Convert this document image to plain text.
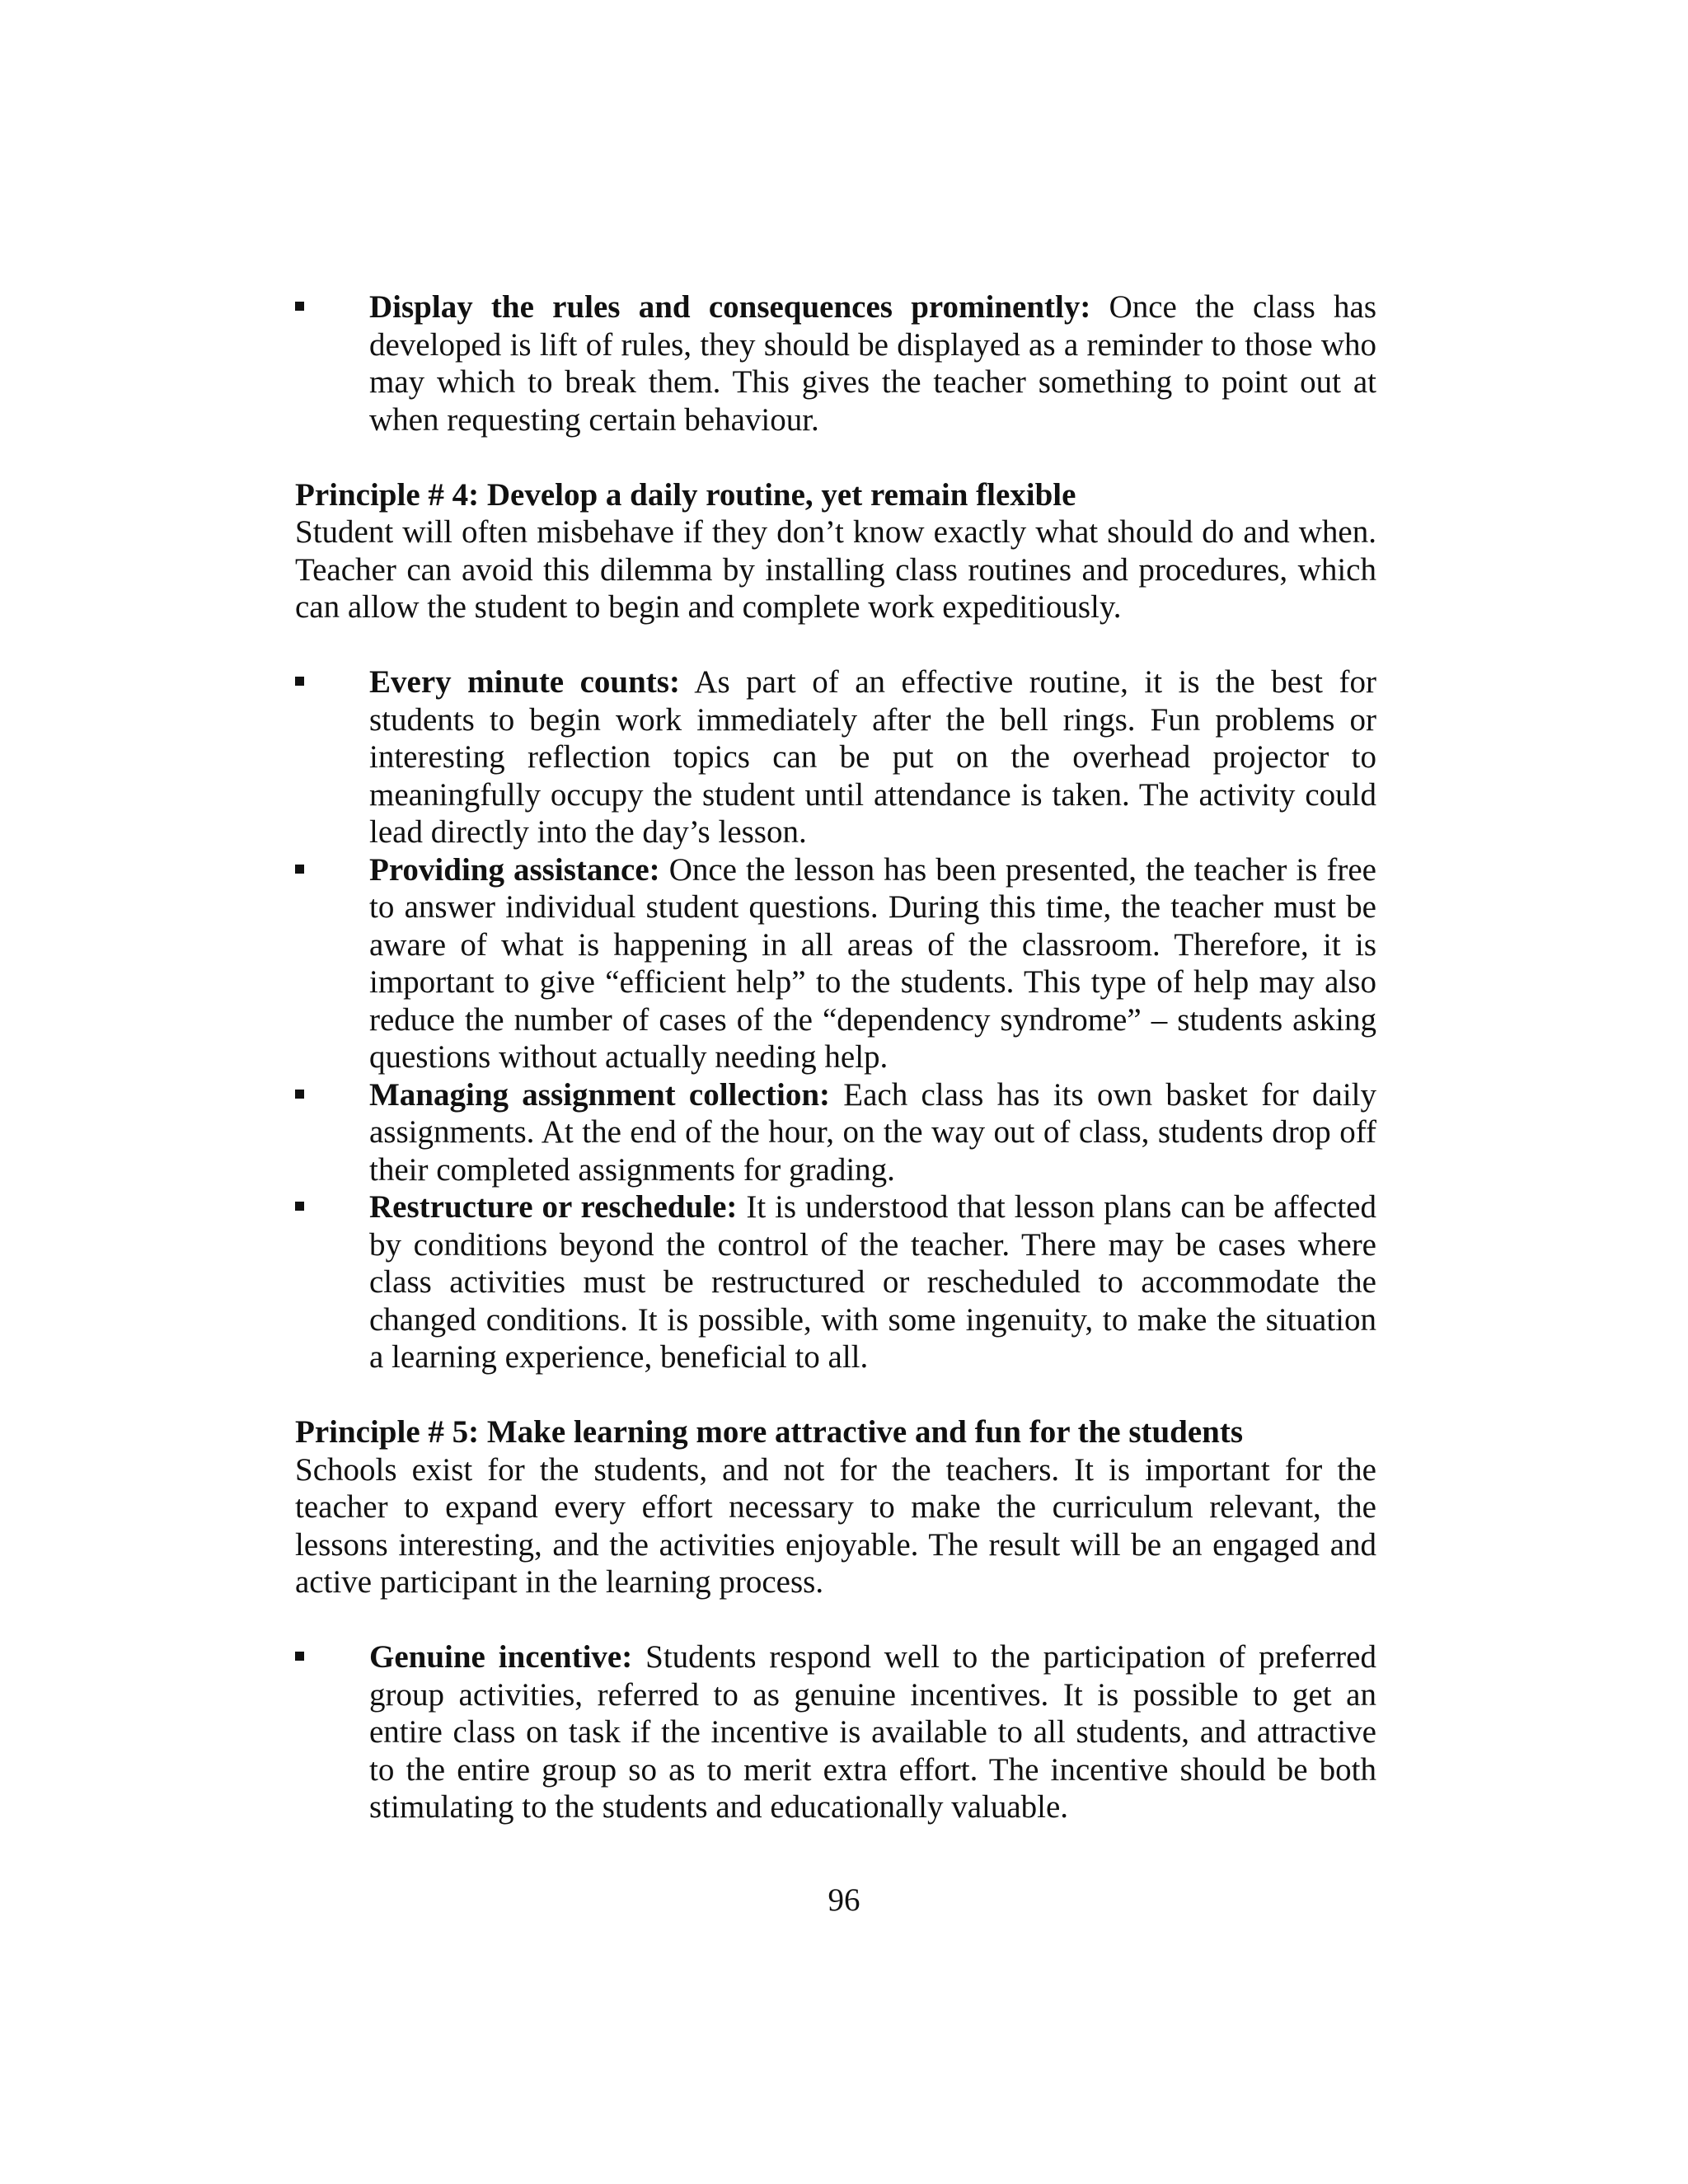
Display the rules and consequences prominently: Once the class has developed is lift of rules, they should be displayed as a reminder to those who may which to break them. This gives the teacher something to point out at when requesting certain behaviour.
Principle # 4: Develop a daily routine, yet remain flexible

Student will often misbehave if they don’t know exactly what should do and when. Teacher can avoid this dilemma by installing class routines and procedures, which can allow the student to begin and complete work expeditiously.

Every minute counts: As part of an effective routine, it is the best for students to begin work immediately after the bell rings. Fun problems or interesting reflection topics can be put on the overhead projector to meaningfully occupy the student until attendance is taken. The activity could lead directly into the day’s lesson.
Providing assistance: Once the lesson has been presented, the teacher is free to answer individual student questions. During this time, the teacher must be aware of what is happening in all areas of the classroom. Therefore, it is important to give “efficient help” to the students. This type of help may also reduce the number of cases of the “dependency syndrome” – students asking questions without actually needing help.
Managing assignment collection: Each class has its own basket for daily assignments. At the end of the hour, on the way out of class, students drop off their completed assignments for grading.
Restructure or reschedule: It is understood that lesson plans can be affected by conditions beyond the control of the teacher. There may be cases where class activities must be restructured or rescheduled to accommodate the changed conditions. It is possible, with some ingenuity, to make the situation a learning experience, beneficial to all.
Principle # 5: Make learning more attractive and fun for the students

Schools exist for the students, and not for the teachers. It is important for the teacher to expand every effort necessary to make the curriculum relevant, the lessons interesting, and the activities enjoyable. The result will be an engaged and active participant in the learning process.

Genuine incentive: Students respond well to the participation of preferred group activities, referred to as genuine incentives. It is possible to get an entire class on task if the incentive is available to all students, and attractive to the entire group so as to merit extra effort. The incentive should be both stimulating to the students and educationally valuable.
96
